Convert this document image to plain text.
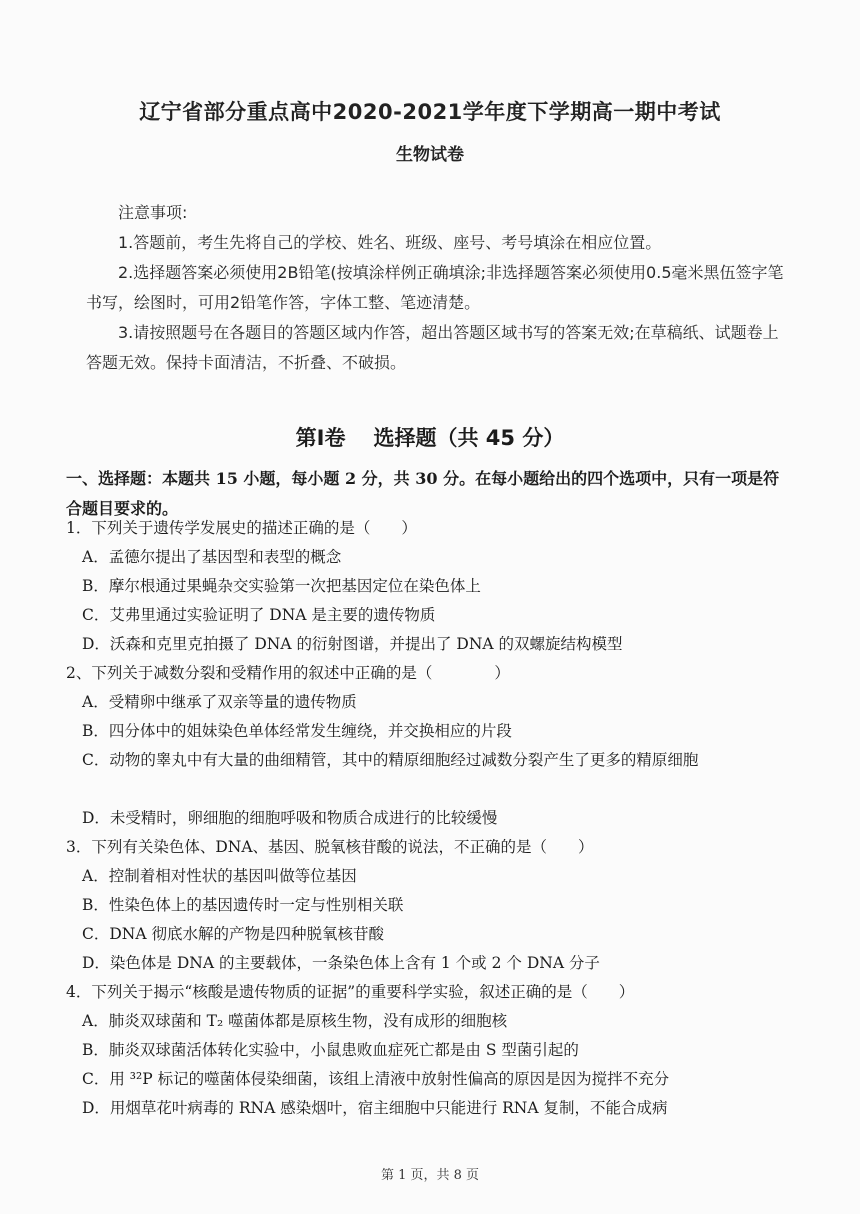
辽宁省部分重点高中2020-2021学年度下学期高一期中考试
生物试卷
注意事项:
1.答题前，考生先将自己的学校、姓名、班级、座号、考号填涂在相应位置。
2.选择题答案必须使用2B铅笔(按填涂样例正确填涂;非选择题答案必须使用0.5毫米黑伍签字笔书写，绘图时，可用2铅笔作答，字体工整、笔迹清楚。
3.请按照题号在各题目的答题区域内作答，超出答题区域书写的答案无效;在草稿纸、试题卷上答题无效。保持卡面清洁，不折叠、不破损。
第Ⅰ卷 选择题（共 45 分）
一、选择题：本题共 15 小题，每小题 2 分，共 30 分。在每小题给出的四个选项中，只有一项是符合题目要求的。
1．下列关于遗传学发展史的描述正确的是（　　）
A．孟德尔提出了基因型和表型的概念
B．摩尔根通过果蝇杂交实验第一次把基因定位在染色体上
C．艾弗里通过实验证明了 DNA 是主要的遗传物质
D．沃森和克里克拍摄了 DNA 的衍射图谱，并提出了 DNA 的双螺旋结构模型
2、下列关于减数分裂和受精作用的叙述中正确的是（　　　　）
A．受精卵中继承了双亲等量的遗传物质
B．四分体中的姐妹染色单体经常发生缠绕，并交换相应的片段
C．动物的睾丸中有大量的曲细精管，其中的精原细胞经过减数分裂产生了更多的精原细胞
D．未受精时，卵细胞的细胞呼吸和物质合成进行的比较缓慢
3．下列有关染色体、DNA、基因、脱氧核苷酸的说法，不正确的是（　　）
A．控制着相对性状的基因叫做等位基因
B．性染色体上的基因遗传时一定与性别相关联
C．DNA 彻底水解的产物是四种脱氧核苷酸
D．染色体是 DNA 的主要载体，一条染色体上含有 1 个或 2 个 DNA 分子
4．下列关于揭示“核酸是遗传物质的证据”的重要科学实验，叙述正确的是（　　）
A．肺炎双球菌和 T₂ 噬菌体都是原核生物，没有成形的细胞核
B．肺炎双球菌活体转化实验中，小鼠患败血症死亡都是由 S 型菌引起的
C．用 ³²P 标记的噬菌体侵染细菌，该组上清液中放射性偏高的原因是因为搅拌不充分
D．用烟草花叶病毒的 RNA 感染烟叶，宿主细胞中只能进行 RNA 复制，不能合成病
第 1 页，共 8 页
